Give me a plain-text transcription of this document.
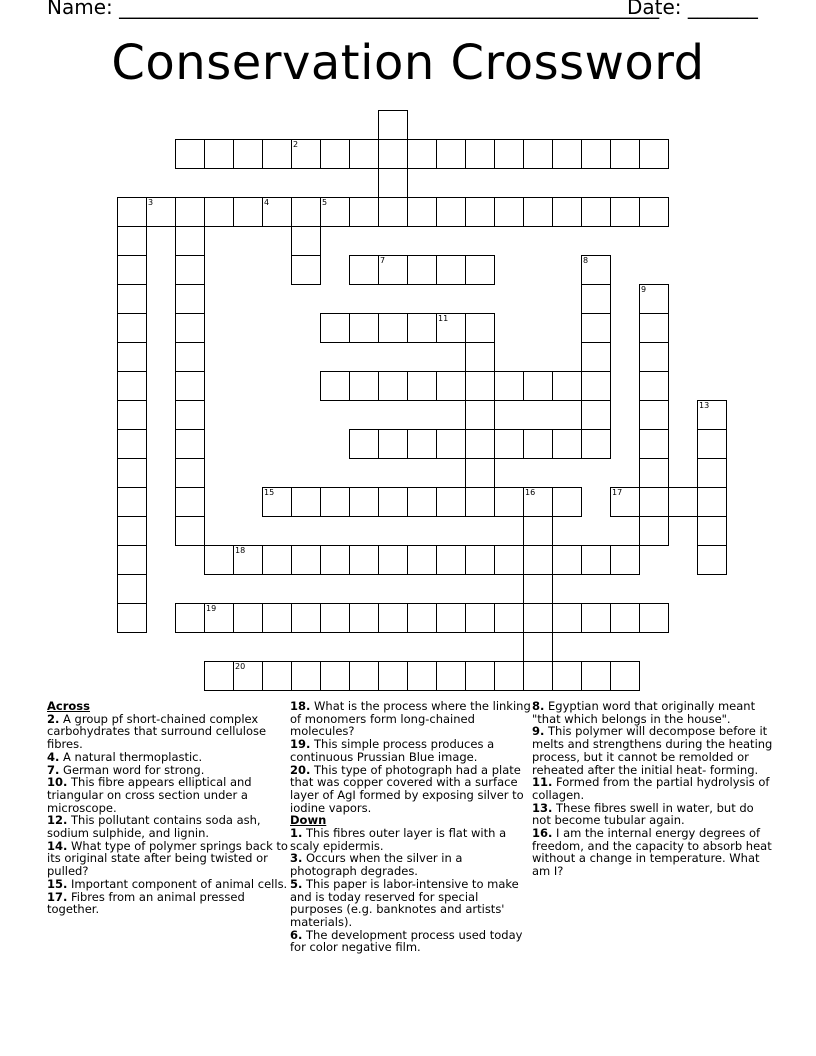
Name: ______________________________________________________
Date: _______
Conservation Crossword
2
3	4	5
7	8
9
11
13
15	16	17
18
19
20

Across

2. A group pf short-chained complex carbohydrates that surround cellulose fibres.

4. A natural thermoplastic.

7. German word for strong.

10. This fibre appears elliptical and triangular on cross section under a microscope.

12. This pollutant contains soda ash, sodium sulphide, and lignin.

14. What type of polymer springs back to its original state after being twisted or pulled?

15. Important component of animal cells.

17. Fibres from an animal pressed together.

18. What is the process where the linking of monomers form long-chained molecules?

19. This simple process produces a continuous Prussian Blue image.

20. This type of photograph had a plate that was copper covered with a surface layer of AgI formed by exposing silver to iodine vapors.

Down

1. This fibres outer layer is flat with a scaly epidermis.

3. Occurs when the silver in a photograph degrades.

5. This paper is labor-intensive to make and is today reserved for special purposes (e.g. banknotes and artists' materials).

6. The development process used today for color negative film.

8. Egyptian word that originally meant "that which belongs in the house".

9. This polymer will decompose before it melts and strengthens during the heating process, but it cannot be remolded or reheated after the initial heat- forming.

11. Formed from the partial hydrolysis of collagen.

13. These fibres swell in water, but do not become tubular again.

16. I am the internal energy degrees of freedom, and the capacity to absorb heat without a change in temperature. What am I?
